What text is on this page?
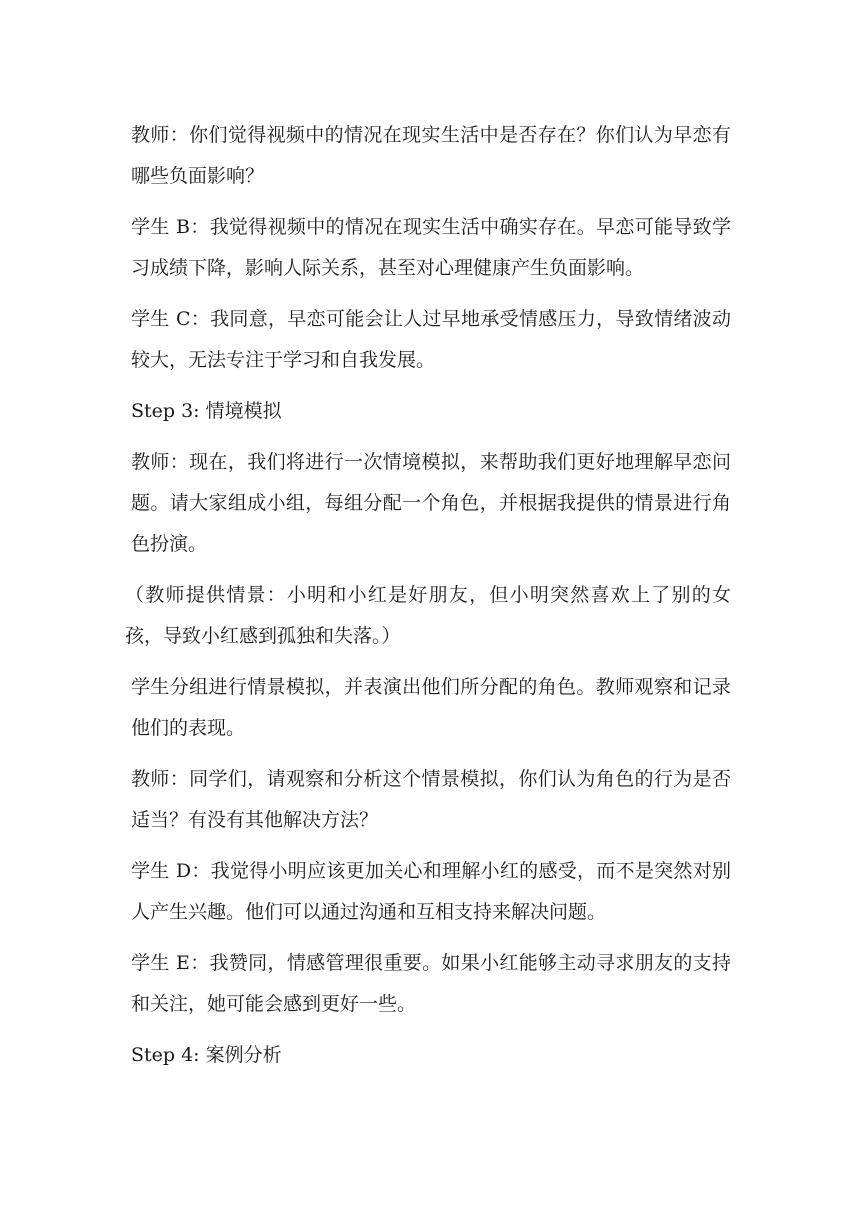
教师：你们觉得视频中的情况在现实生活中是否存在？你们认为早恋有哪些负面影响？

学生 B：我觉得视频中的情况在现实生活中确实存在。早恋可能导致学习成绩下降，影响人际关系，甚至对心理健康产生负面影响。

学生 C：我同意，早恋可能会让人过早地承受情感压力，导致情绪波动较大，无法专注于学习和自我发展。

Step 3: 情境模拟

教师：现在，我们将进行一次情境模拟，来帮助我们更好地理解早恋问题。请大家组成小组，每组分配一个角色，并根据我提供的情景进行角色扮演。

（教师提供情景：小明和小红是好朋友，但小明突然喜欢上了别的女孩，导致小红感到孤独和失落。）

学生分组进行情景模拟，并表演出他们所分配的角色。教师观察和记录他们的表现。

教师：同学们，请观察和分析这个情景模拟，你们认为角色的行为是否适当？有没有其他解决方法？

学生 D：我觉得小明应该更加关心和理解小红的感受，而不是突然对别人产生兴趣。他们可以通过沟通和互相支持来解决问题。

学生 E：我赞同，情感管理很重要。如果小红能够主动寻求朋友的支持和关注，她可能会感到更好一些。

Step 4: 案例分析
